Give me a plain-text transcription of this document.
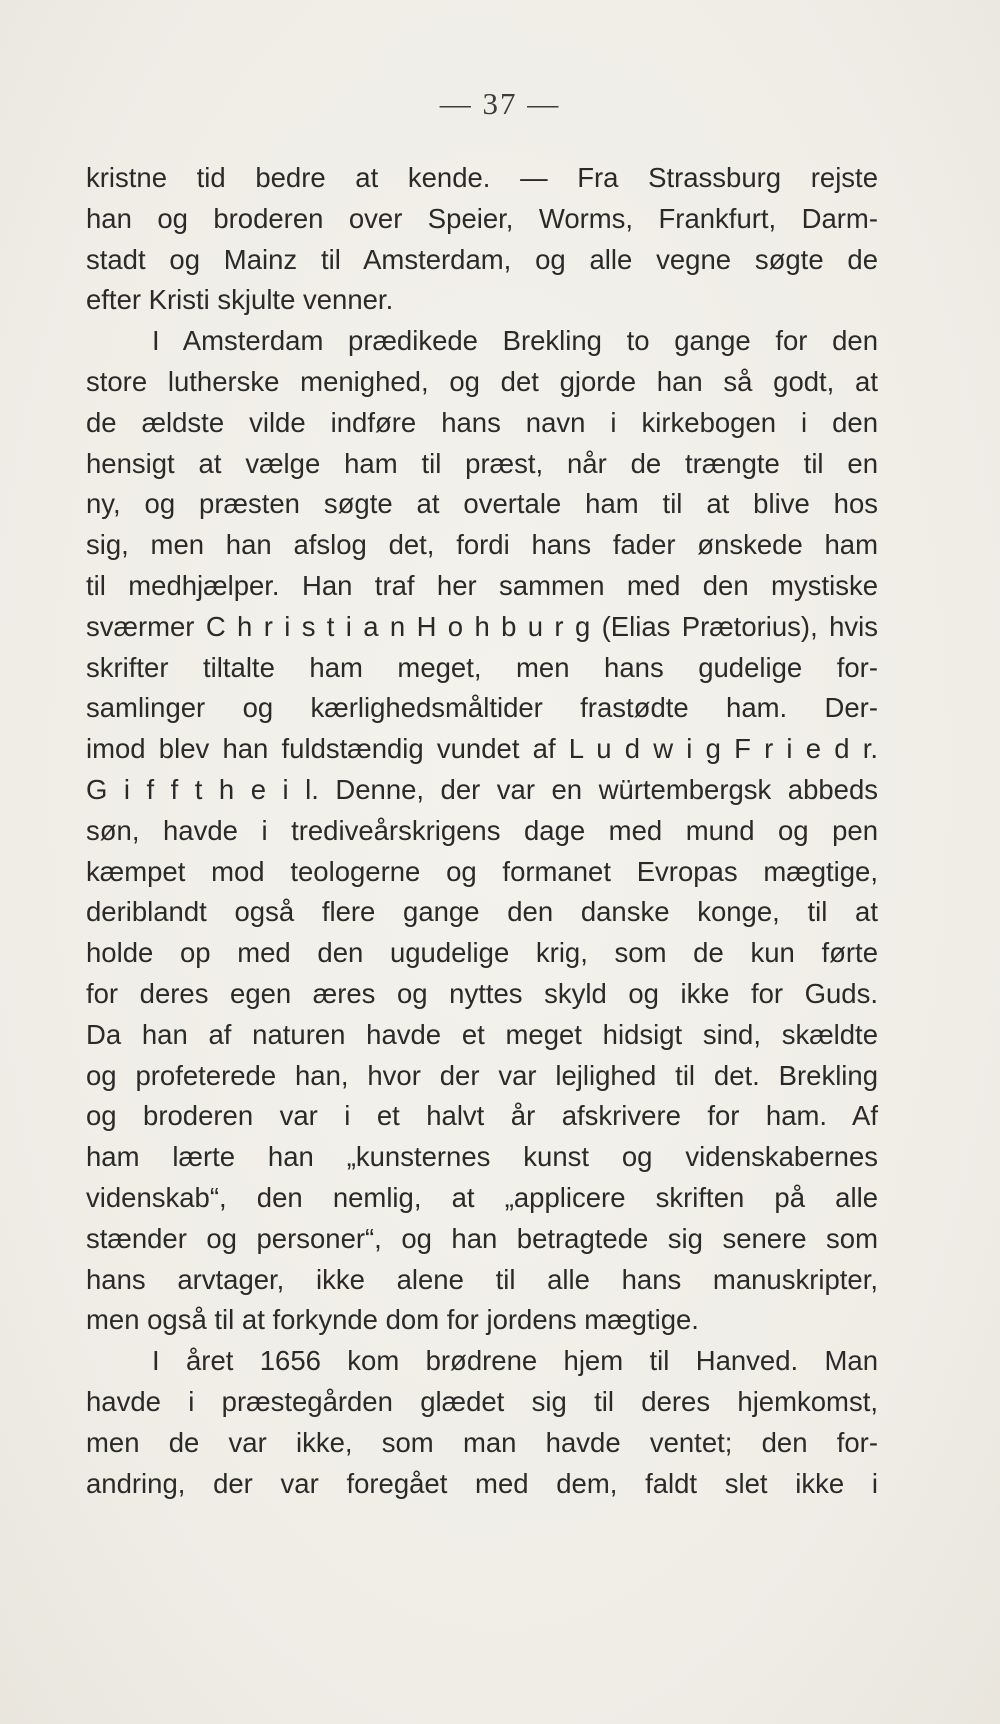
— 37 —
kristne tid bedre at kende. — Fra Strassburg rejste
han og broderen over Speier, Worms, Frankfurt, Darm-
stadt og Mainz til Amsterdam, og alle vegne søgte de
efter Kristi skjulte venner.
I Amsterdam prædikede Brekling to gange for den
store lutherske menighed, og det gjorde han så godt, at
de ældste vilde indføre hans navn i kirkebogen i den
hensigt at vælge ham til præst, når de trængte til en
ny, og præsten søgte at overtale ham til at blive hos
sig, men han afslog det, fordi hans fader ønskede ham
til medhjælper. Han traf her sammen med den mystiske
sværmer C h r i s t i a n H o h b u r g (Elias Prætorius), hvis
skrifter tiltalte ham meget, men hans gudelige for-
samlinger og kærlighedsmåltider frastødte ham. Der-
imod blev han fuldstændig vundet af L u d w i g F r i e d r.
G i f f t h e i l. Denne, der var en würtembergsk abbeds
søn, havde i trediveårskrigens dage med mund og pen
kæmpet mod teologerne og formanet Evropas mægtige,
deriblandt også flere gange den danske konge, til at
holde op med den ugudelige krig, som de kun førte
for deres egen æres og nyttes skyld og ikke for Guds.
Da han af naturen havde et meget hidsigt sind, skældte
og profeterede han, hvor der var lejlighed til det. Brekling
og broderen var i et halvt år afskrivere for ham. Af
ham lærte han „kunsternes kunst og videnskabernes
videnskab“, den nemlig, at „applicere skriften på alle
stænder og personer“, og han betragtede sig senere som
hans arvtager, ikke alene til alle hans manuskripter,
men også til at forkynde dom for jordens mægtige.
I året 1656 kom brødrene hjem til Hanved. Man
havde i præstegården glædet sig til deres hjemkomst,
men de var ikke, som man havde ventet; den for-
andring, der var foregået med dem, faldt slet ikke i
